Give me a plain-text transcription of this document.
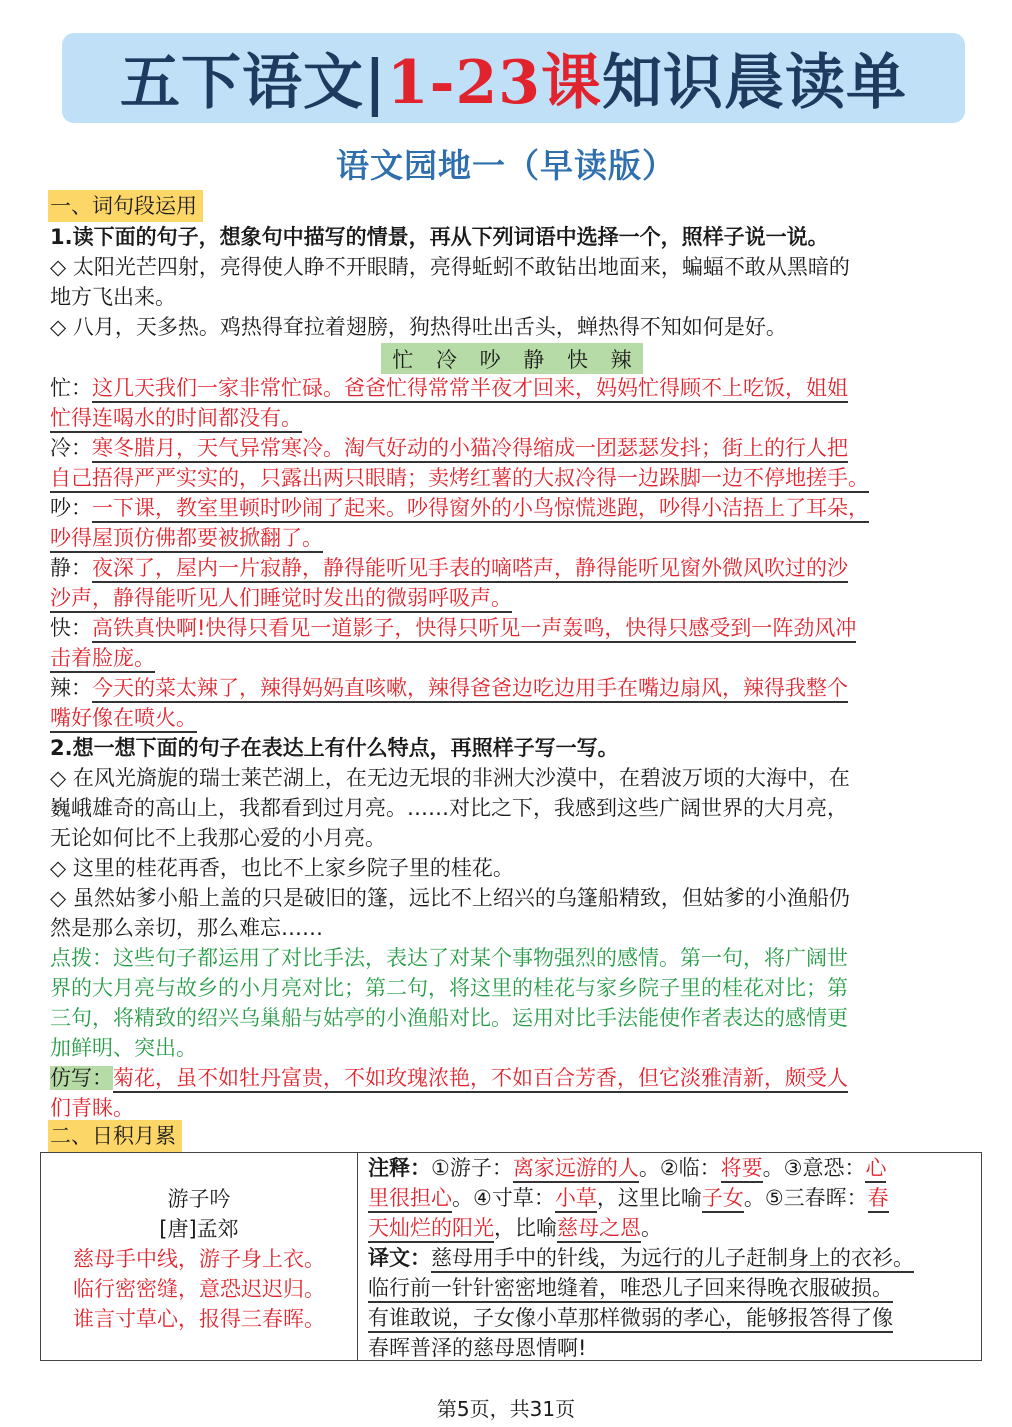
五下语文|1-23课知识晨读单
语文园地一（早读版）
一、词句段运用
1.读下面的句子，想象句中描写的情景，再从下列词语中选择一个，照样子说一说。
◇ 太阳光芒四射，亮得使人睁不开眼睛，亮得蚯蚓不敢钻出地面来，蝙蝠不敢从黑暗的
地方飞出来。
◇ 八月，天多热。鸡热得耷拉着翅膀，狗热得吐出舌头，蝉热得不知如何是好。
忙 冷 吵 静 快 辣
忙：这几天我们一家非常忙碌。爸爸忙得常常半夜才回来，妈妈忙得顾不上吃饭，姐姐
忙得连喝水的时间都没有。
冷：寒冬腊月，天气异常寒冷。淘气好动的小猫冷得缩成一团瑟瑟发抖；街上的行人把
自己捂得严严实实的，只露出两只眼睛；卖烤红薯的大叔冷得一边跺脚一边不停地搓手。
吵：一下课，教室里顿时吵闹了起来。吵得窗外的小鸟惊慌逃跑，吵得小洁捂上了耳朵，
吵得屋顶仿佛都要被掀翻了。
静：夜深了，屋内一片寂静，静得能听见手表的嘀嗒声，静得能听见窗外微风吹过的沙
沙声，静得能听见人们睡觉时发出的微弱呼吸声。
快：高铁真快啊!快得只看见一道影子，快得只听见一声轰鸣，快得只感受到一阵劲风冲
击着脸庞。
辣：今天的菜太辣了，辣得妈妈直咳嗽，辣得爸爸边吃边用手在嘴边扇风，辣得我整个
嘴好像在喷火。
2.想一想下面的句子在表达上有什么特点，再照样子写一写。
◇ 在风光旖旎的瑞士莱芒湖上，在无边无垠的非洲大沙漠中，在碧波万顷的大海中，在
巍峨雄奇的高山上，我都看到过月亮。……对比之下，我感到这些广阔世界的大月亮，
无论如何比不上我那心爱的小月亮。
◇ 这里的桂花再香，也比不上家乡院子里的桂花。
◇ 虽然姑爹小船上盖的只是破旧的篷，远比不上绍兴的乌篷船精致，但姑爹的小渔船仍
然是那么亲切，那么难忘……
点拨：这些句子都运用了对比手法，表达了对某个事物强烈的感情。第一句，将广阔世
界的大月亮与故乡的小月亮对比；第二句，将这里的桂花与家乡院子里的桂花对比；第
三句，将精致的绍兴乌巢船与姑亭的小渔船对比。运用对比手法能使作者表达的感情更
加鲜明、突出。
仿写：菊花，虽不如牡丹富贵，不如玫瑰浓艳，不如百合芳香，但它淡雅清新，颇受人
们青睐。
二、日积月累
游子吟
[唐]孟郊
慈母手中线，游子身上衣。
临行密密缝，意恐迟迟归。
谁言寸草心，报得三春晖。

注释：①游子：离家远游的人。②临：将要。③意恐：心
里很担心。④寸草：小草，这里比喻子女。⑤三春晖：春
天灿烂的阳光，比喻慈母之恩。
译文：慈母用手中的针线，为远行的儿子赶制身上的衣衫。
临行前一针针密密地缝着，唯恐儿子回来得晚衣服破损。
有谁敢说，子女像小草那样微弱的孝心，能够报答得了像
春晖普泽的慈母恩情啊!
第5页，共31页
